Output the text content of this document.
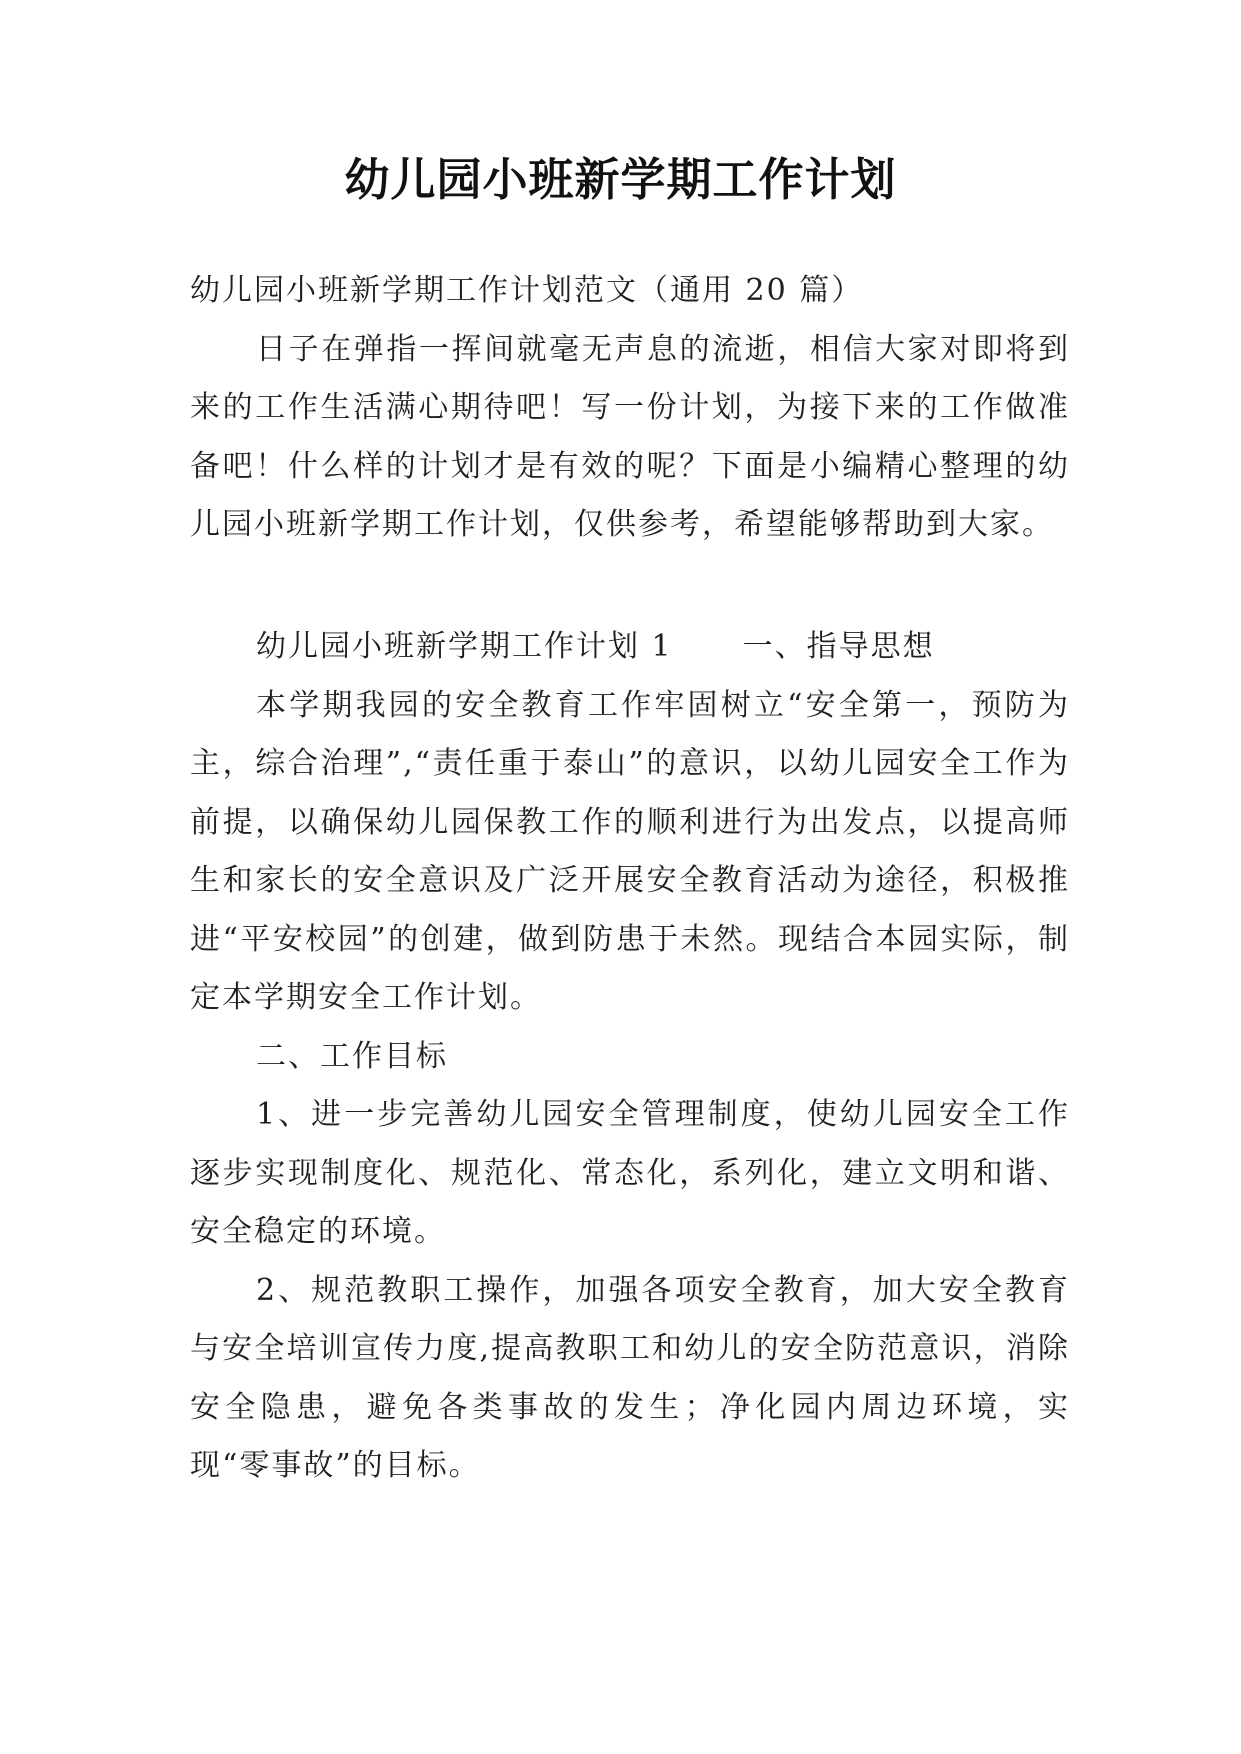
幼儿园小班新学期工作计划

幼儿园小班新学期工作计划范文（通用 20 篇）

日子在弹指一挥间就毫无声息的流逝，相信大家对即将到来的工作生活满心期待吧！写一份计划，为接下来的工作做准备吧！什么样的计划才是有效的呢？下面是小编精心整理的幼儿园小班新学期工作计划，仅供参考，希望能够帮助到大家。

幼儿园小班新学期工作计划 1 一、指导思想

本学期我园的安全教育工作牢固树立“安全第一，预防为主，综合治理”,“责任重于泰山”的意识，以幼儿园安全工作为前提，以确保幼儿园保教工作的顺利进行为出发点，以提高师生和家长的安全意识及广泛开展安全教育活动为途径，积极推进“平安校园”的创建，做到防患于未然。现结合本园实际，制定本学期安全工作计划。

二、工作目标

1、进一步完善幼儿园安全管理制度，使幼儿园安全工作逐步实现制度化、规范化、常态化，系列化，建立文明和谐、安全稳定的环境。

2、规范教职工操作，加强各项安全教育，加大安全教育与安全培训宣传力度,提高教职工和幼儿的安全防范意识，消除安全隐患，避免各类事故的发生；净化园内周边环境，实现“零事故”的目标。
